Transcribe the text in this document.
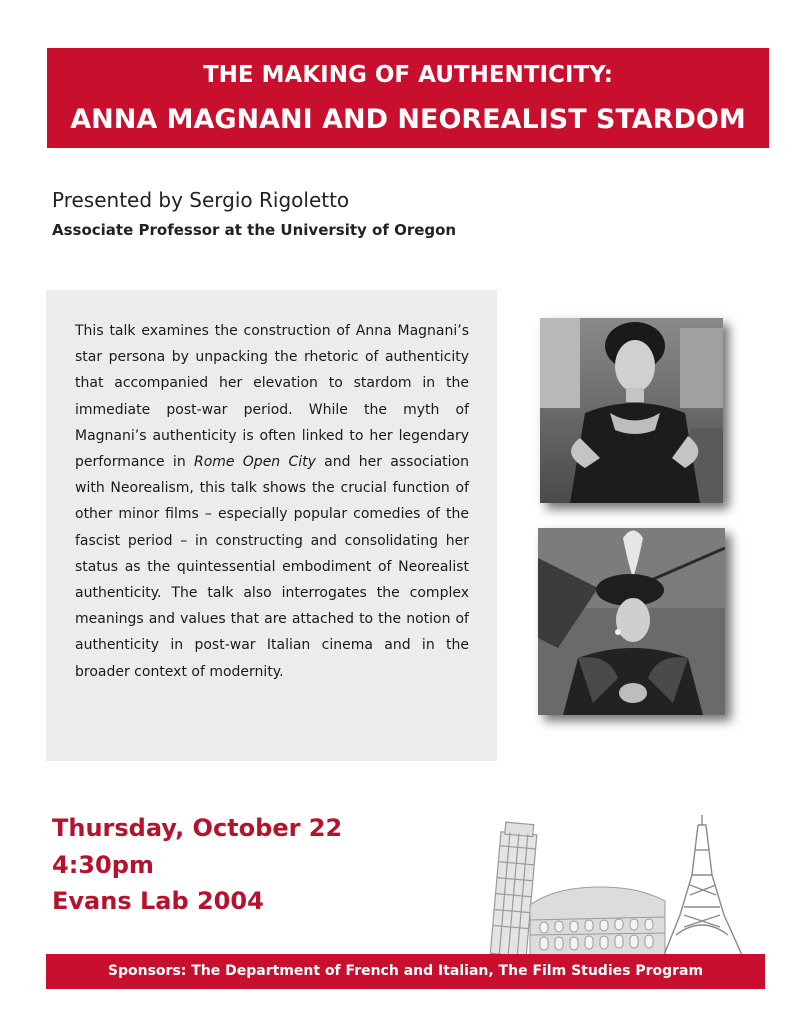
THE MAKING OF AUTHENTICITY:
ANNA MAGNANI AND NEOREALIST STARDOM
Presented by Sergio Rigoletto
Associate Professor at the University of Oregon
This talk examines the construction of Anna Magnani’s star persona by unpacking the rhetoric of authenticity that accompanied her elevation to stardom in the immediate post-war period. While the myth of Magnani’s authenticity is often linked to her legendary performance in Rome Open City and her association with Neorealism, this talk shows the crucial function of other minor films – especially popular comedies of the fascist period – in constructing and consolidating her status as the quintessential embodiment of Neorealist authenticity. The talk also interrogates the complex meanings and values that are attached to the notion of authenticity in post-war Italian cinema and in the broader context of modernity.
Thursday, October 22
4:30pm
Evans Lab 2004
Sponsors: The Department of French and Italian, The Film Studies Program
